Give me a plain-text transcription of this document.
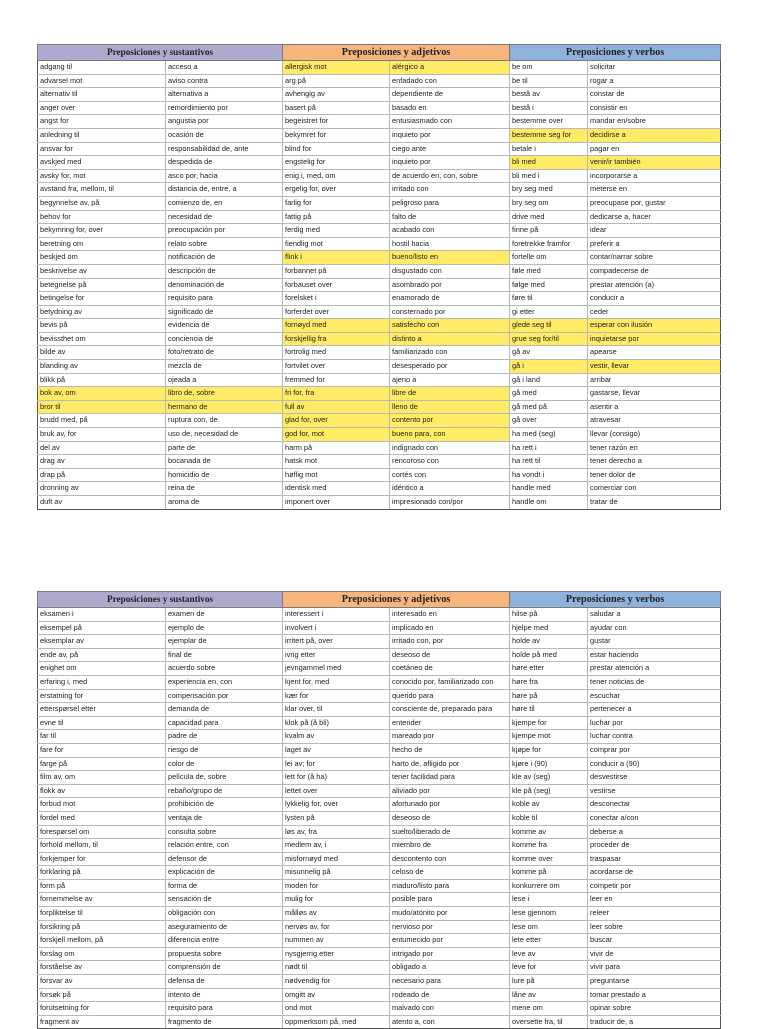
Preposiciones y sustantivos		Preposiciones y adjetivos		Preposiciones y verbos	
adgang til	acceso a	allergisk mot	alérgico a	be om	solicitar
advarsel mot	aviso contra	arg på	enfadado con	be til	rogar a
alternativ til	alternativa a	avhengig av	dependiente de	bestå av	constar de
anger over	remordimiento por	basert på	basado en	bestå i	consistir en
angst for	angustia por	begeistret for	entusiasmado con	bestemme over	mandar en/sobre
anledning til	ocasión de	bekymret for	inquieto por	bestemme seg for	decidirse a
ansvar for	responsabilidad de, ante	blind for	ciego ante	betale i	pagar en
avskjed med	despedida de	engstelig for	inquieto por	bli med	venir/ir también
avsky for, mot	asco por, hacia	enig i, med, om	de acuerdo en, con, sobre	bli med i	incorporarse a
avstand fra, mellom, til	distancia de, entre, a	ergelig for, over	irritado con	bry seg med	meterse en
begynnelse av, på	comienzo de, en	farlig for	peligroso para	bry seg om	preocupase por, gustar
behov for	necesidad de	fattig på	falto de	drive med	dedicarse a, hacer
bekymring for, over	preocupación por	ferdig med	acabado con	finne på	idear
beretning om	relato sobre	fiendlig mot	hostil hacia	foretrekke framfor	preferir a
beskjed om	notificación de	flink i	bueno/listo en	fortelle om	contar/narrar sobre
beskrivelse av	descripción de	forbannet på	disgustado con	føle med	compadecerse de
betegnelse på	denominación de	forbauset over	asombrado por	følge med	prestar atención (a)
betingelse for	requisito para	forelsket i	enamorado de	føre til	conducir a
betydning av	significado de	forferdet over	consternado por	gi etter	ceder
bevis på	evidencia de	fornøyd med	satisfecho con	glede seg til	esperar con ilusión
bevissthet om	conciencia de	forskjellig fra	distinto a	gruе seg for/til	inquietarse por
bilde av	foto/retrato de	fortrolig med	familiarizado con	gå av	apearse
blanding av	mezcla de	fortvilet over	desesperado por	gå i	vestir, llevar
blikk på	ojeada a	fremmed for	ajeno a	gå i land	arribar
bok av, om	libro de, sobre	fri for, fra	libre de	gå med	gastarse, llevar
bror til	hermano de	full av	lleno de	gå med på	asentir a
brudd med, på	ruptura con, de	glad for, over	contento por	gå over	atravesar
bruk av, for	uso de, necesidad de	god for, mot	bueno para, con	ha med (seg)	llevar (consigo)
del av	parte de	harm på	indignado con	ha rett i	tener razón en
drag av	bocanada de	hatsk mot	rencoroso con	ha rett til	tener derecho a
drap på	homicidio de	høflig mot	cortés con	ha vondt i	tener dolor de
dronning av	reina de	identisk med	idéntico a	handle med	comerciar con
duft av	aroma de	imponert over	impresionado con/por	handle om	tratar de
Preposiciones y sustantivos		Preposiciones y adjetivos		Preposiciones y verbos	
eksamen i	examen de	interessert i	interesado en	hilse på	saludar a
eksempel på	ejemplo de	involvert i	implicado en	hjelpe med	ayudar con
eksemplar av	ejemplar de	irritert på, over	irritado con, por	holde av	gustar
ende av, på	final de	ivrig etter	deseoso de	holde på med	estar haciendo
enighet om	acuerdo sobre	jevngammel med	coetáneo de	høre etter	prestar atención a
erfaring i, med	experiencia en, con	kjent for, med	conocido por, familiarizado con	høre fra	tener noticias de
erstatning for	compensación por	kær for	querido para	høre på	escuchar
etterspørsel etter	demanda de	klar over, til	consciente de, preparado para	høre til	pertenecer a
evne til	capacidad para	klok på (å bli)	entender	kjempe for	luchar por
far til	padre de	kvalm av	mareado por	kjempe mot	luchar contra
fare for	riesgo de	laget av	hecho de	kjøpe for	comprar por
farge på	color de	lei av; for	harto de, afligido por	kjøre i (90)	conducir a (90)
film av, om	película de, sobre	lett for (å ha)	tener facilidad para	kle av (seg)	desvestirse
flokk av	rebaño/grupo de	lettet over	aliviado por	kle på (seg)	vestirse
forbud mot	prohibición de	lykkelig for, over	afortunado por	koble av	desconectar
fordel med	ventaja de	lysten på	deseoso de	koble til	conectar a/con
forespørsel om	consulta sobre	løs av, fra	suelto/liberado de	komme av	deberse a
forhold mellom, til	relación entre, con	medlem av, i	miembro de	komme fra	proceder de
forkjemper for	defensor de	misfornøyd med	descontento con	komme over	traspasar
forklaring på	explicación de	misunnelig på	celoso de	komme på	acordarse de
form på	forma de	moden for	maduro/listo para	konkurrere om	competir por
fornemmelse av	sensación de	mulig for	posible para	lese i	leer en
forpliktelse til	obligación con	målløs av	mudo/atónito por	lese gjennom	releer
forsikring på	aseguramiento de	nervøs av, for	nervioso por	lese om	leer sobre
forskjell mellom, på	diferencia entre	nummen av	entumecido por	lete etter	buscar
forslag om	propuesta sobre	nysgjerrig etter	intrigado por	leve av	vivir de
forståelse av	comprensión de	nødt til	obligado a	leve for	vivir para
forsvar av	defensa de	nødvendig for	necesario para	lure på	preguntarse
forsøk på	intento de	omgitt av	rodeado de	låne av	tomar prestado a
forutsetning for	requisito para	ond mot	malvado con	mene om	opinar sobre
fragment av	fragmento de	oppmerksom på, med	atento a, con	oversette fra, til	traducir de, a
